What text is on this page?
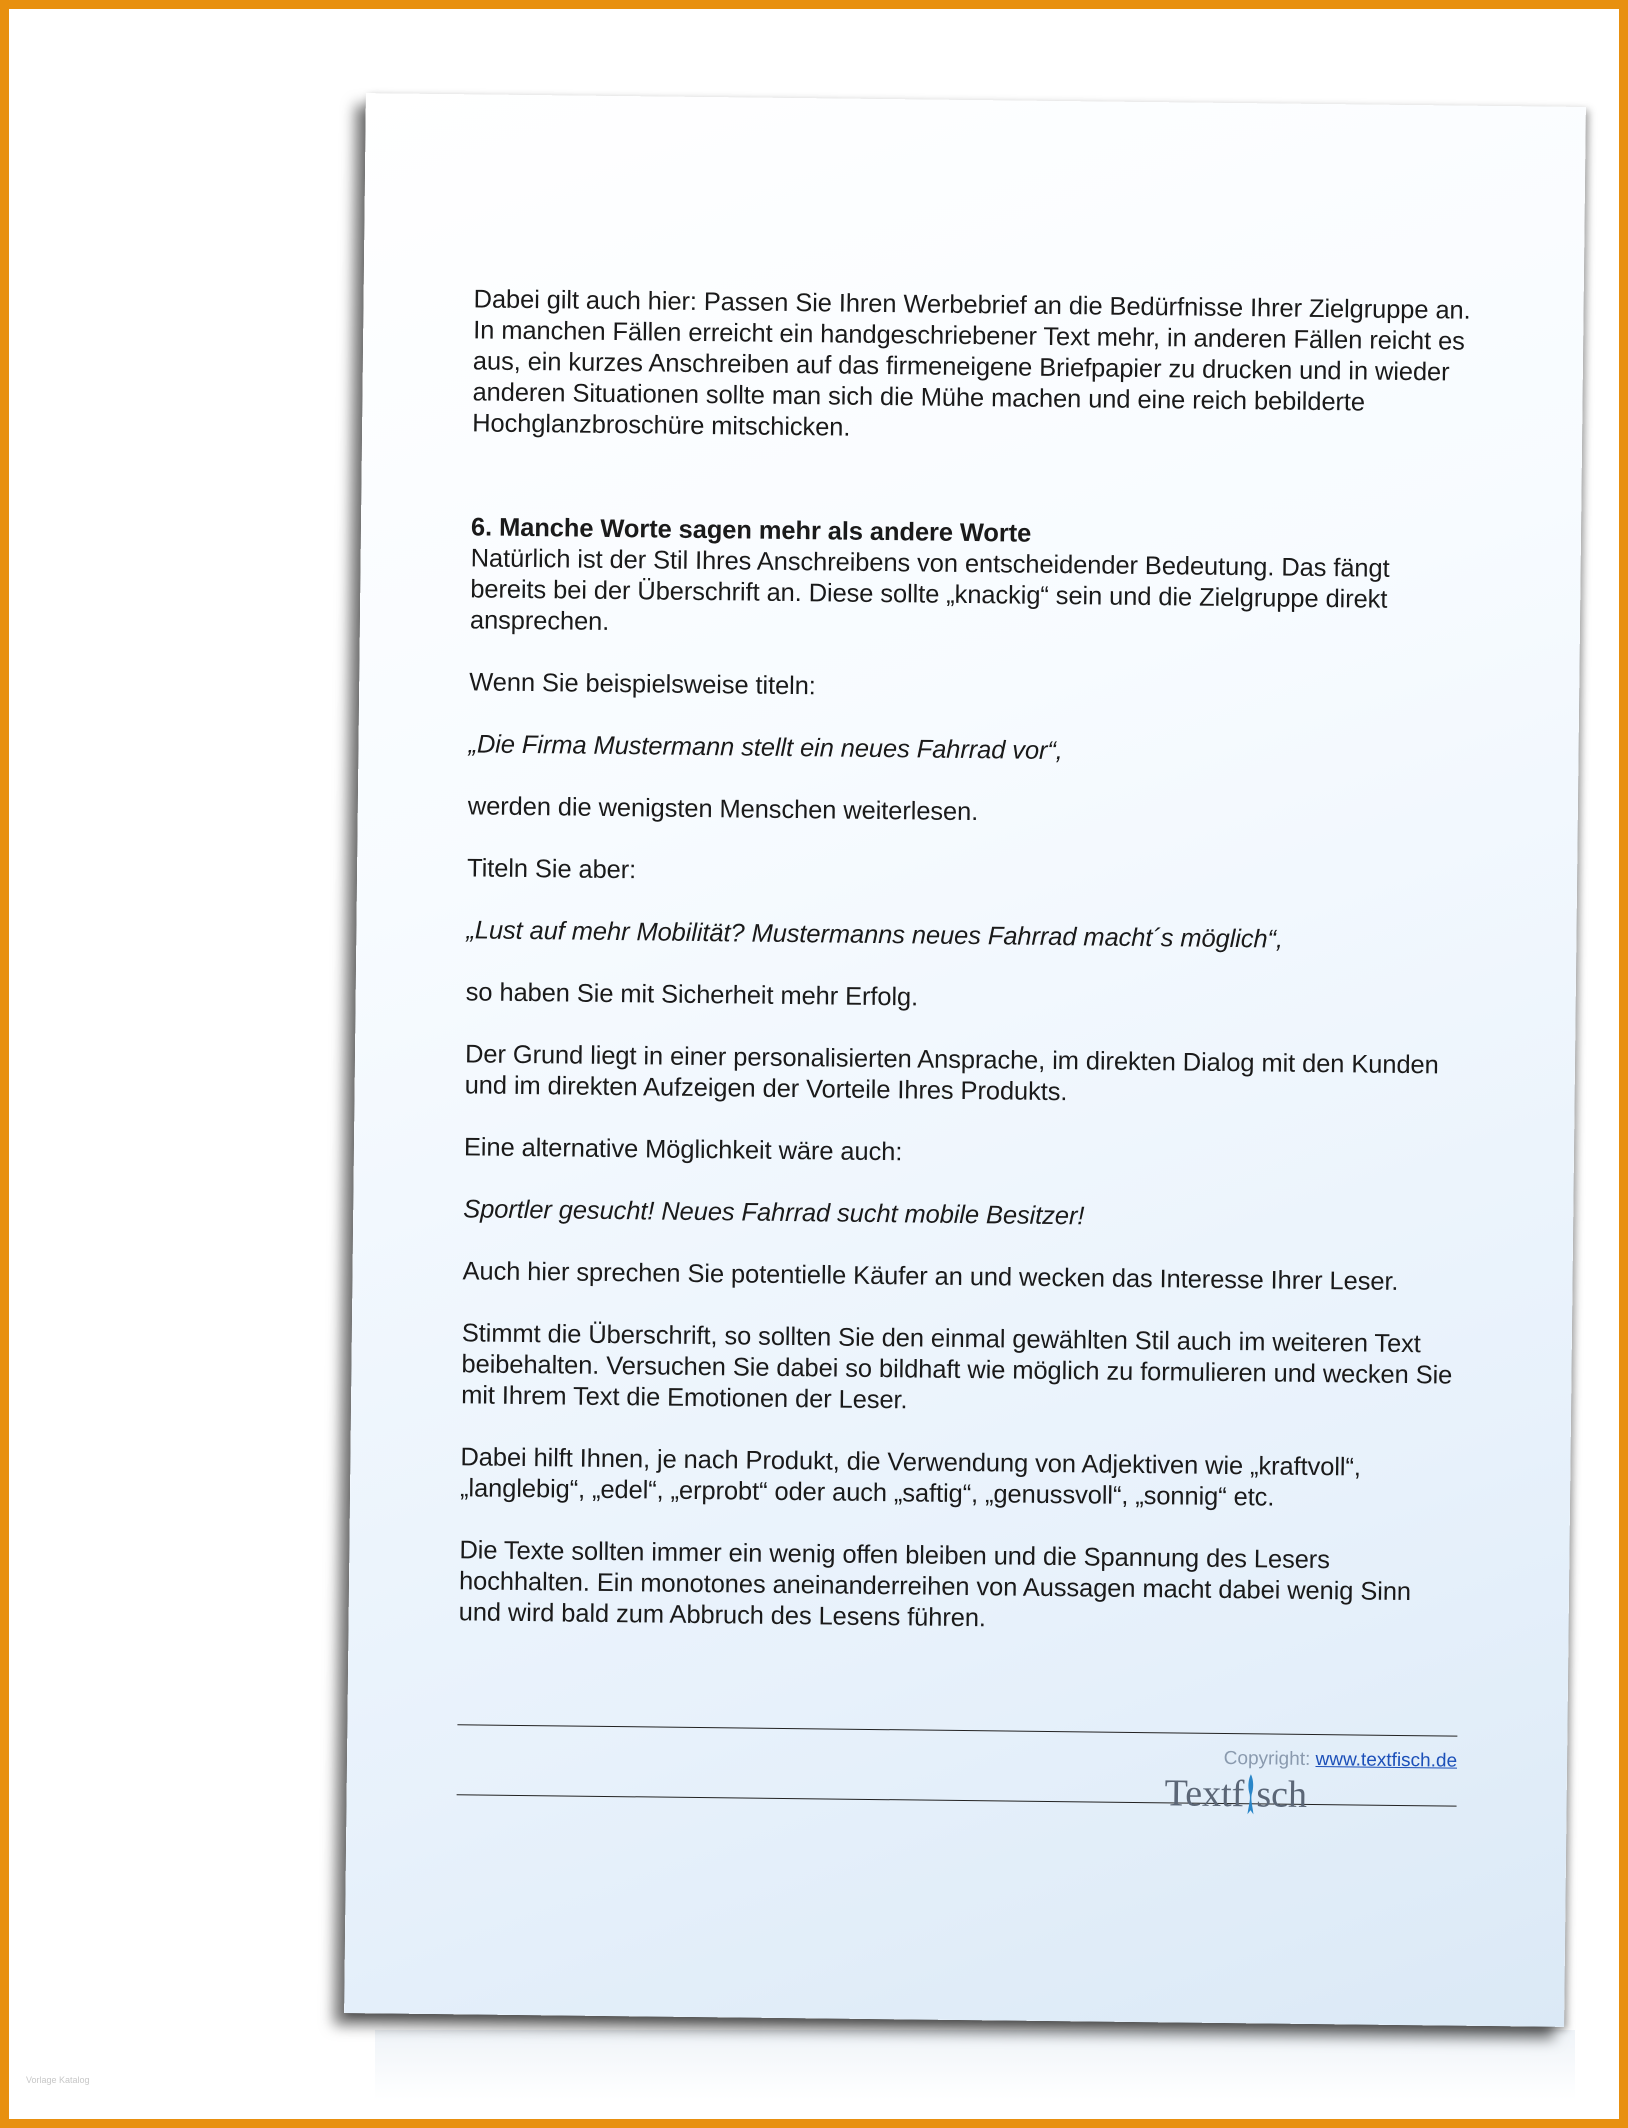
Dabei gilt auch hier: Passen Sie Ihren Werbebrief an die Bedürfnisse Ihrer Zielgruppe an. In manchen Fällen erreicht ein handgeschriebener Text mehr, in anderen Fällen reicht es aus, ein kurzes Anschreiben auf das firmeneigene Briefpapier zu drucken und in wieder anderen Situationen sollte man sich die Mühe machen und eine reich bebilderte Hochglanzbroschüre mitschicken.

6. Manche Worte sagen mehr als andere Worte

Natürlich ist der Stil Ihres Anschreibens von entscheidender Bedeutung. Das fängt bereits bei der Überschrift an. Diese sollte „knackig“ sein und die Zielgruppe direkt ansprechen.

Wenn Sie beispielsweise titeln:

„Die Firma Mustermann stellt ein neues Fahrrad vor“,

werden die wenigsten Menschen weiterlesen.

Titeln Sie aber:

„Lust auf mehr Mobilität? Mustermanns neues Fahrrad macht´s möglich“,

so haben Sie mit Sicherheit mehr Erfolg.

Der Grund liegt in einer personalisierten Ansprache, im direkten Dialog mit den Kunden und im direkten Aufzeigen der Vorteile Ihres Produkts.

Eine alternative Möglichkeit wäre auch:

Sportler gesucht! Neues Fahrrad sucht mobile Besitzer!

Auch hier sprechen Sie potentielle Käufer an und wecken das Interesse Ihrer Leser.

Stimmt die Überschrift, so sollten Sie den einmal gewählten Stil auch im weiteren Text beibehalten. Versuchen Sie dabei so bildhaft wie möglich zu formulieren und wecken Sie mit Ihrem Text die Emotionen der Leser.

Dabei hilft Ihnen, je nach Produkt, die Verwendung von Adjektiven wie „kraftvoll“, „langlebig“, „edel“, „erprobt“ oder auch „saftig“, „genussvoll“, „sonnig“ etc.

Die Texte sollten immer ein wenig offen bleiben und die Spannung des Lesers hochhalten. Ein monotones aneinanderreihen von Aussagen macht dabei wenig Sinn und wird bald zum Abbruch des Lesens führen.

Copyright: www.textfisch.de
Textf sch
Vorlage Katalog
